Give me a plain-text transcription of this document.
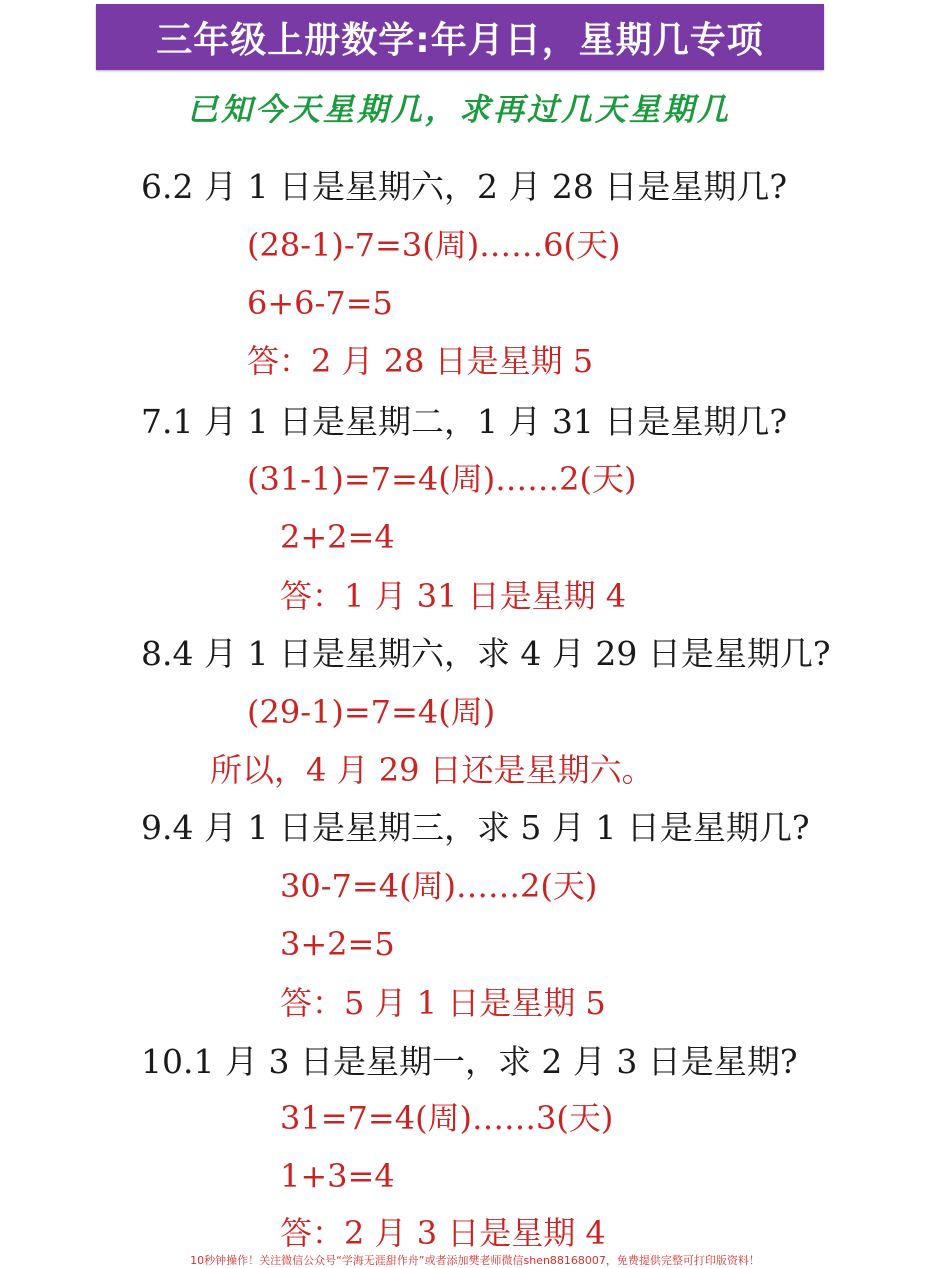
三年级上册数学:年月日，星期几专项
已知今天星期几，求再过几天星期几
6.2 月 1 日是星期六，2 月 28 日是星期几?
(28-1)-7=3(周)……6(天)
6+6-7=5
答：2 月 28 日是星期 5
7.1 月 1 日是星期二，1 月 31 日是星期几?
(31-1)=7=4(周)……2(天)
2+2=4
答：1 月 31 日是星期 4
8.4 月 1 日是星期六，求 4 月 29 日是星期几?
(29-1)=7=4(周)
所以，4 月 29 日还是星期六。
9.4 月 1 日是星期三，求 5 月 1 日是星期几?
30-7=4(周)……2(天)
3+2=5
答：5 月 1 日是星期 5
10.1 月 3 日是星期一，求 2 月 3 日是星期?
31=7=4(周)……3(天)
1+3=4
答：2 月 3 日是星期 4
10秒钟操作！关注微信公众号“学海无涯甜作舟”或者添加樊老师微信shen88168007，免费提供完整可打印版资料！
